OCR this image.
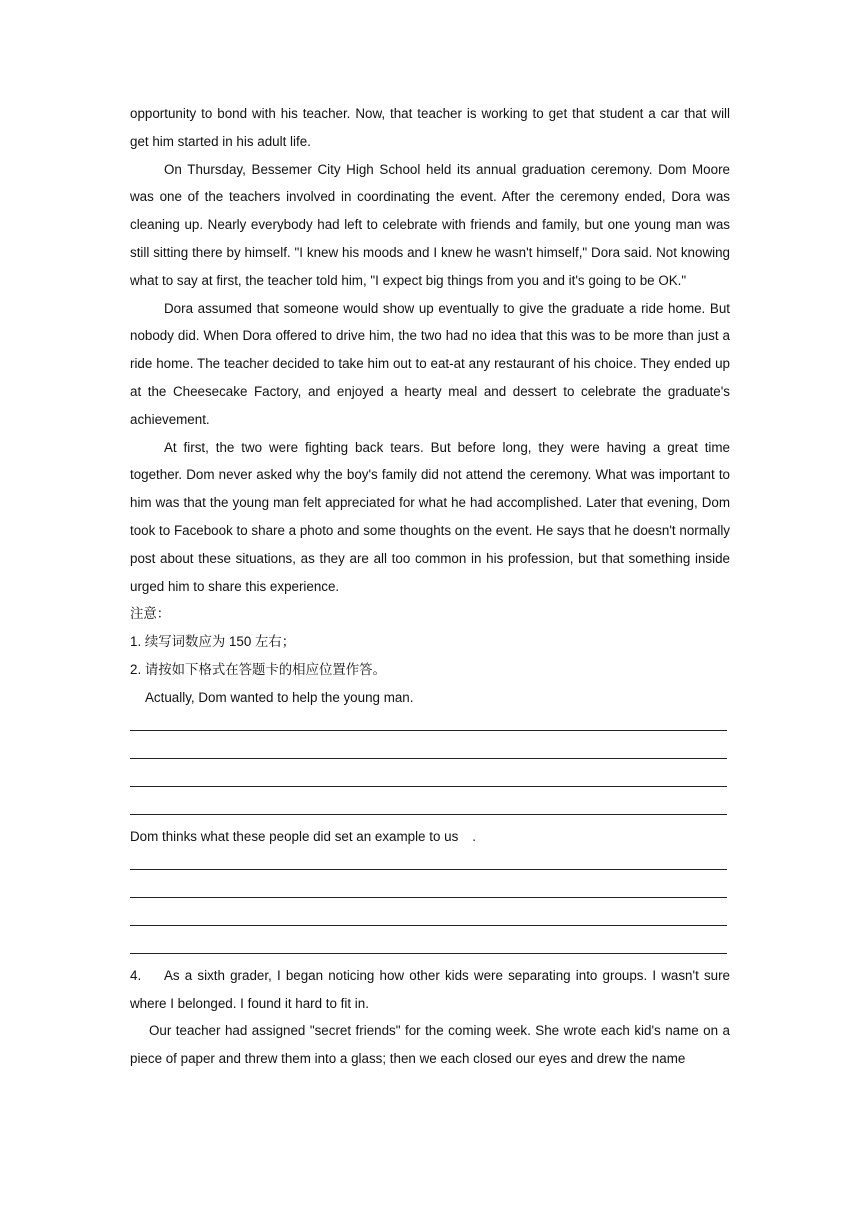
opportunity to bond with his teacher. Now, that teacher is working to get that student a car that will get him started in his adult life.

On Thursday, Bessemer City High School held its annual graduation ceremony. Dom Moore was one of the teachers involved in coordinating the event. After the ceremony ended, Dora was cleaning up. Nearly everybody had left to celebrate with friends and family, but one young man was still sitting there by himself. "I knew his moods and I knew he wasn't himself," Dora said. Not knowing what to say at first, the teacher told him, "I expect big things from you and it's going to be OK."

Dora assumed that someone would show up eventually to give the graduate a ride home. But nobody did. When Dora offered to drive him, the two had no idea that this was to be more than just a ride home. The teacher decided to take him out to eat-at any restaurant of his choice. They ended up at the Cheesecake Factory, and enjoyed a hearty meal and dessert to celebrate the graduate's achievement.

At first, the two were fighting back tears. But before long, they were having a great time together. Dom never asked why the boy's family did not attend the ceremony. What was important to him was that the young man felt appreciated for what he had accomplished. Later that evening, Dom took to Facebook to share a photo and some thoughts on the event. He says that he doesn't normally post about these situations, as they are all too common in his profession, but that something inside urged him to share this experience.

注意：

1. 续写词数应为 150 左右；

2. 请按如下格式在答题卡的相应位置作答。

Actually, Dom wanted to help the young man.

Dom thinks what these people did set an example to us .

4. As a sixth grader, I began noticing how other kids were separating into groups. I wasn't sure where I belonged. I found it hard to fit in.

Our teacher had assigned "secret friends" for the coming week. She wrote each kid's name on a piece of paper and threw them into a glass; then we each closed our eyes and drew the name
